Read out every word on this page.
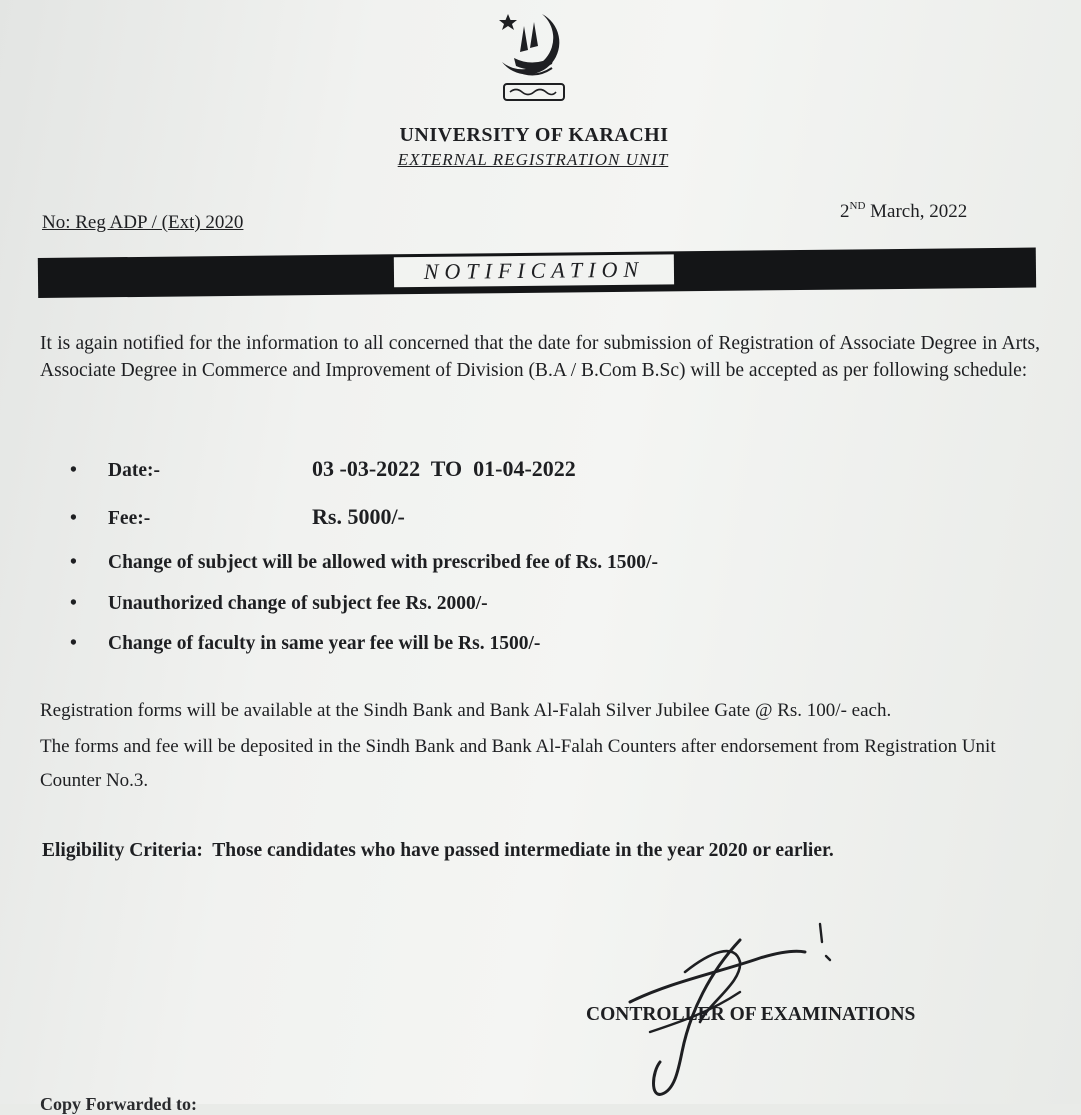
UNIVERSITY OF KARACHI
EXTERNAL REGISTRATION UNIT
No: Reg ADP / (Ext) 2020
2ND March, 2022
NOTIFICATION
It is again notified for the information to all concerned that the date for submission of Registration of Associate Degree in Arts, Associate Degree in Commerce and Improvement of Division (B.A / B.Com B.Sc) will be accepted as per following schedule:
• Date:-	03 -03-2022  TO  01-04-2022
• Fee:-	Rs. 5000/-
• Change of subject will be allowed with prescribed fee of Rs. 1500/-
• Unauthorized change of subject fee Rs. 2000/-
• Change of faculty in same year fee will be Rs. 1500/-
Registration forms will be available at the Sindh Bank and Bank Al-Falah Silver Jubilee Gate @ Rs. 100/- each.
The forms and fee will be deposited in the Sindh Bank and Bank Al-Falah Counters after endorsement from Registration Unit Counter No.3.
Eligibility Criteria: Those candidates who have passed intermediate in the year 2020 or earlier.
CONTROLLER OF EXAMINATIONS
Copy Forwarded to:
